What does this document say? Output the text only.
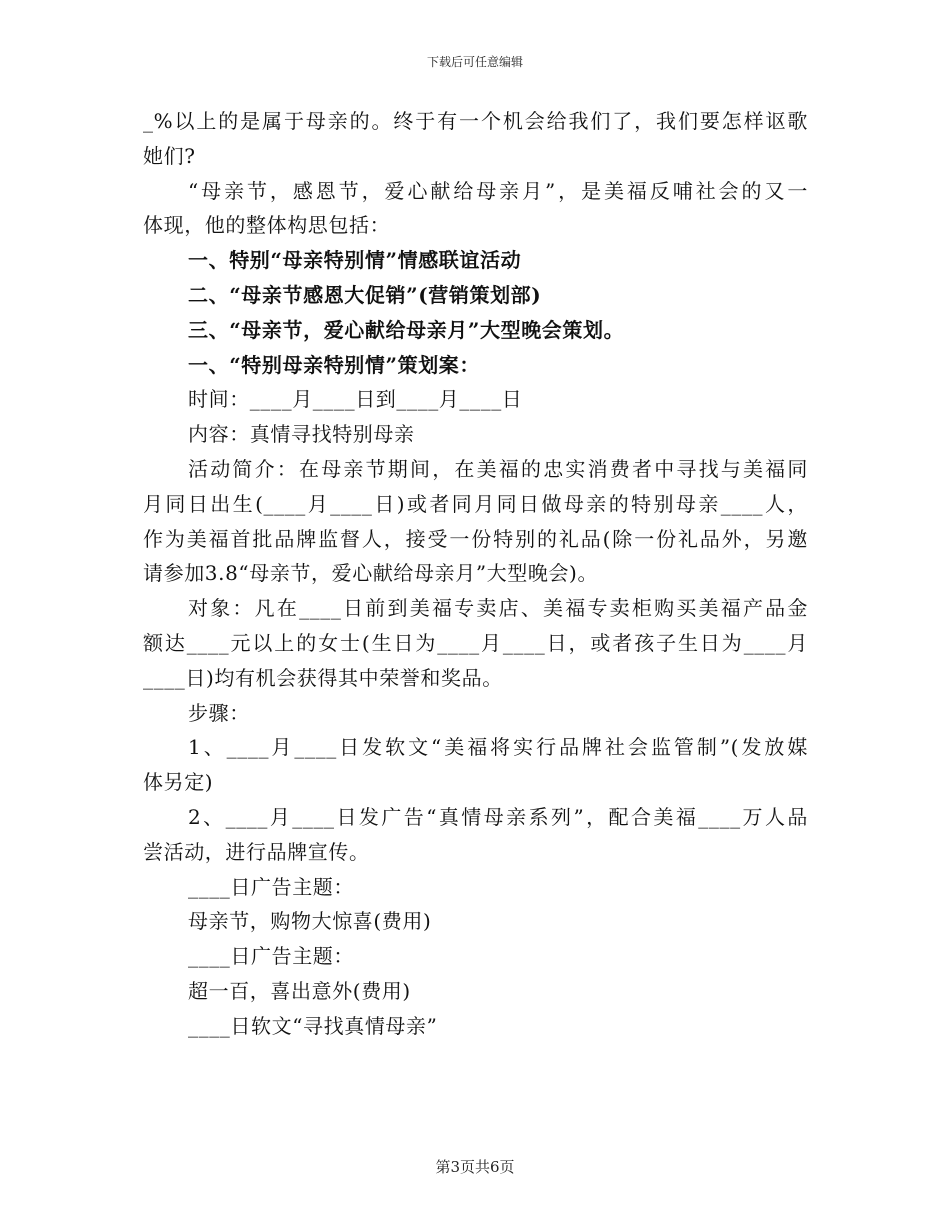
下载后可任意编辑
_%以上的是属于母亲的。终于有一个机会给我们了，我们要怎样讴歌
她们?
“母亲节，感恩节，爱心献给母亲月”，是美福反哺社会的又一
体现，他的整体构思包括：
一、特别“母亲特别情”情感联谊活动
二、“母亲节感恩大促销”(营销策划部)
三、“母亲节，爱心献给母亲月”大型晚会策划。
一、“特别母亲特别情”策划案：
时间：____月____日到____月____日
内容：真情寻找特别母亲
活动简介：在母亲节期间，在美福的忠实消费者中寻找与美福同
月同日出生(____月____日)或者同月同日做母亲的特别母亲____人，
作为美福首批品牌监督人，接受一份特别的礼品(除一份礼品外，另邀
请参加3.8“母亲节，爱心献给母亲月”大型晚会)。
对象：凡在____日前到美福专卖店、美福专卖柜购买美福产品金
额达____元以上的女士(生日为____月____日，或者孩子生日为____月
____日)均有机会获得其中荣誉和奖品。
步骤：
1、____月____日发软文“美福将实行品牌社会监管制”(发放媒
体另定)
2、____月____日发广告“真情母亲系列”，配合美福____万人品
尝活动，进行品牌宣传。
____日广告主题：
母亲节，购物大惊喜(费用)
____日广告主题：
超一百，喜出意外(费用)
____日软文“寻找真情母亲”
第3页共6页
